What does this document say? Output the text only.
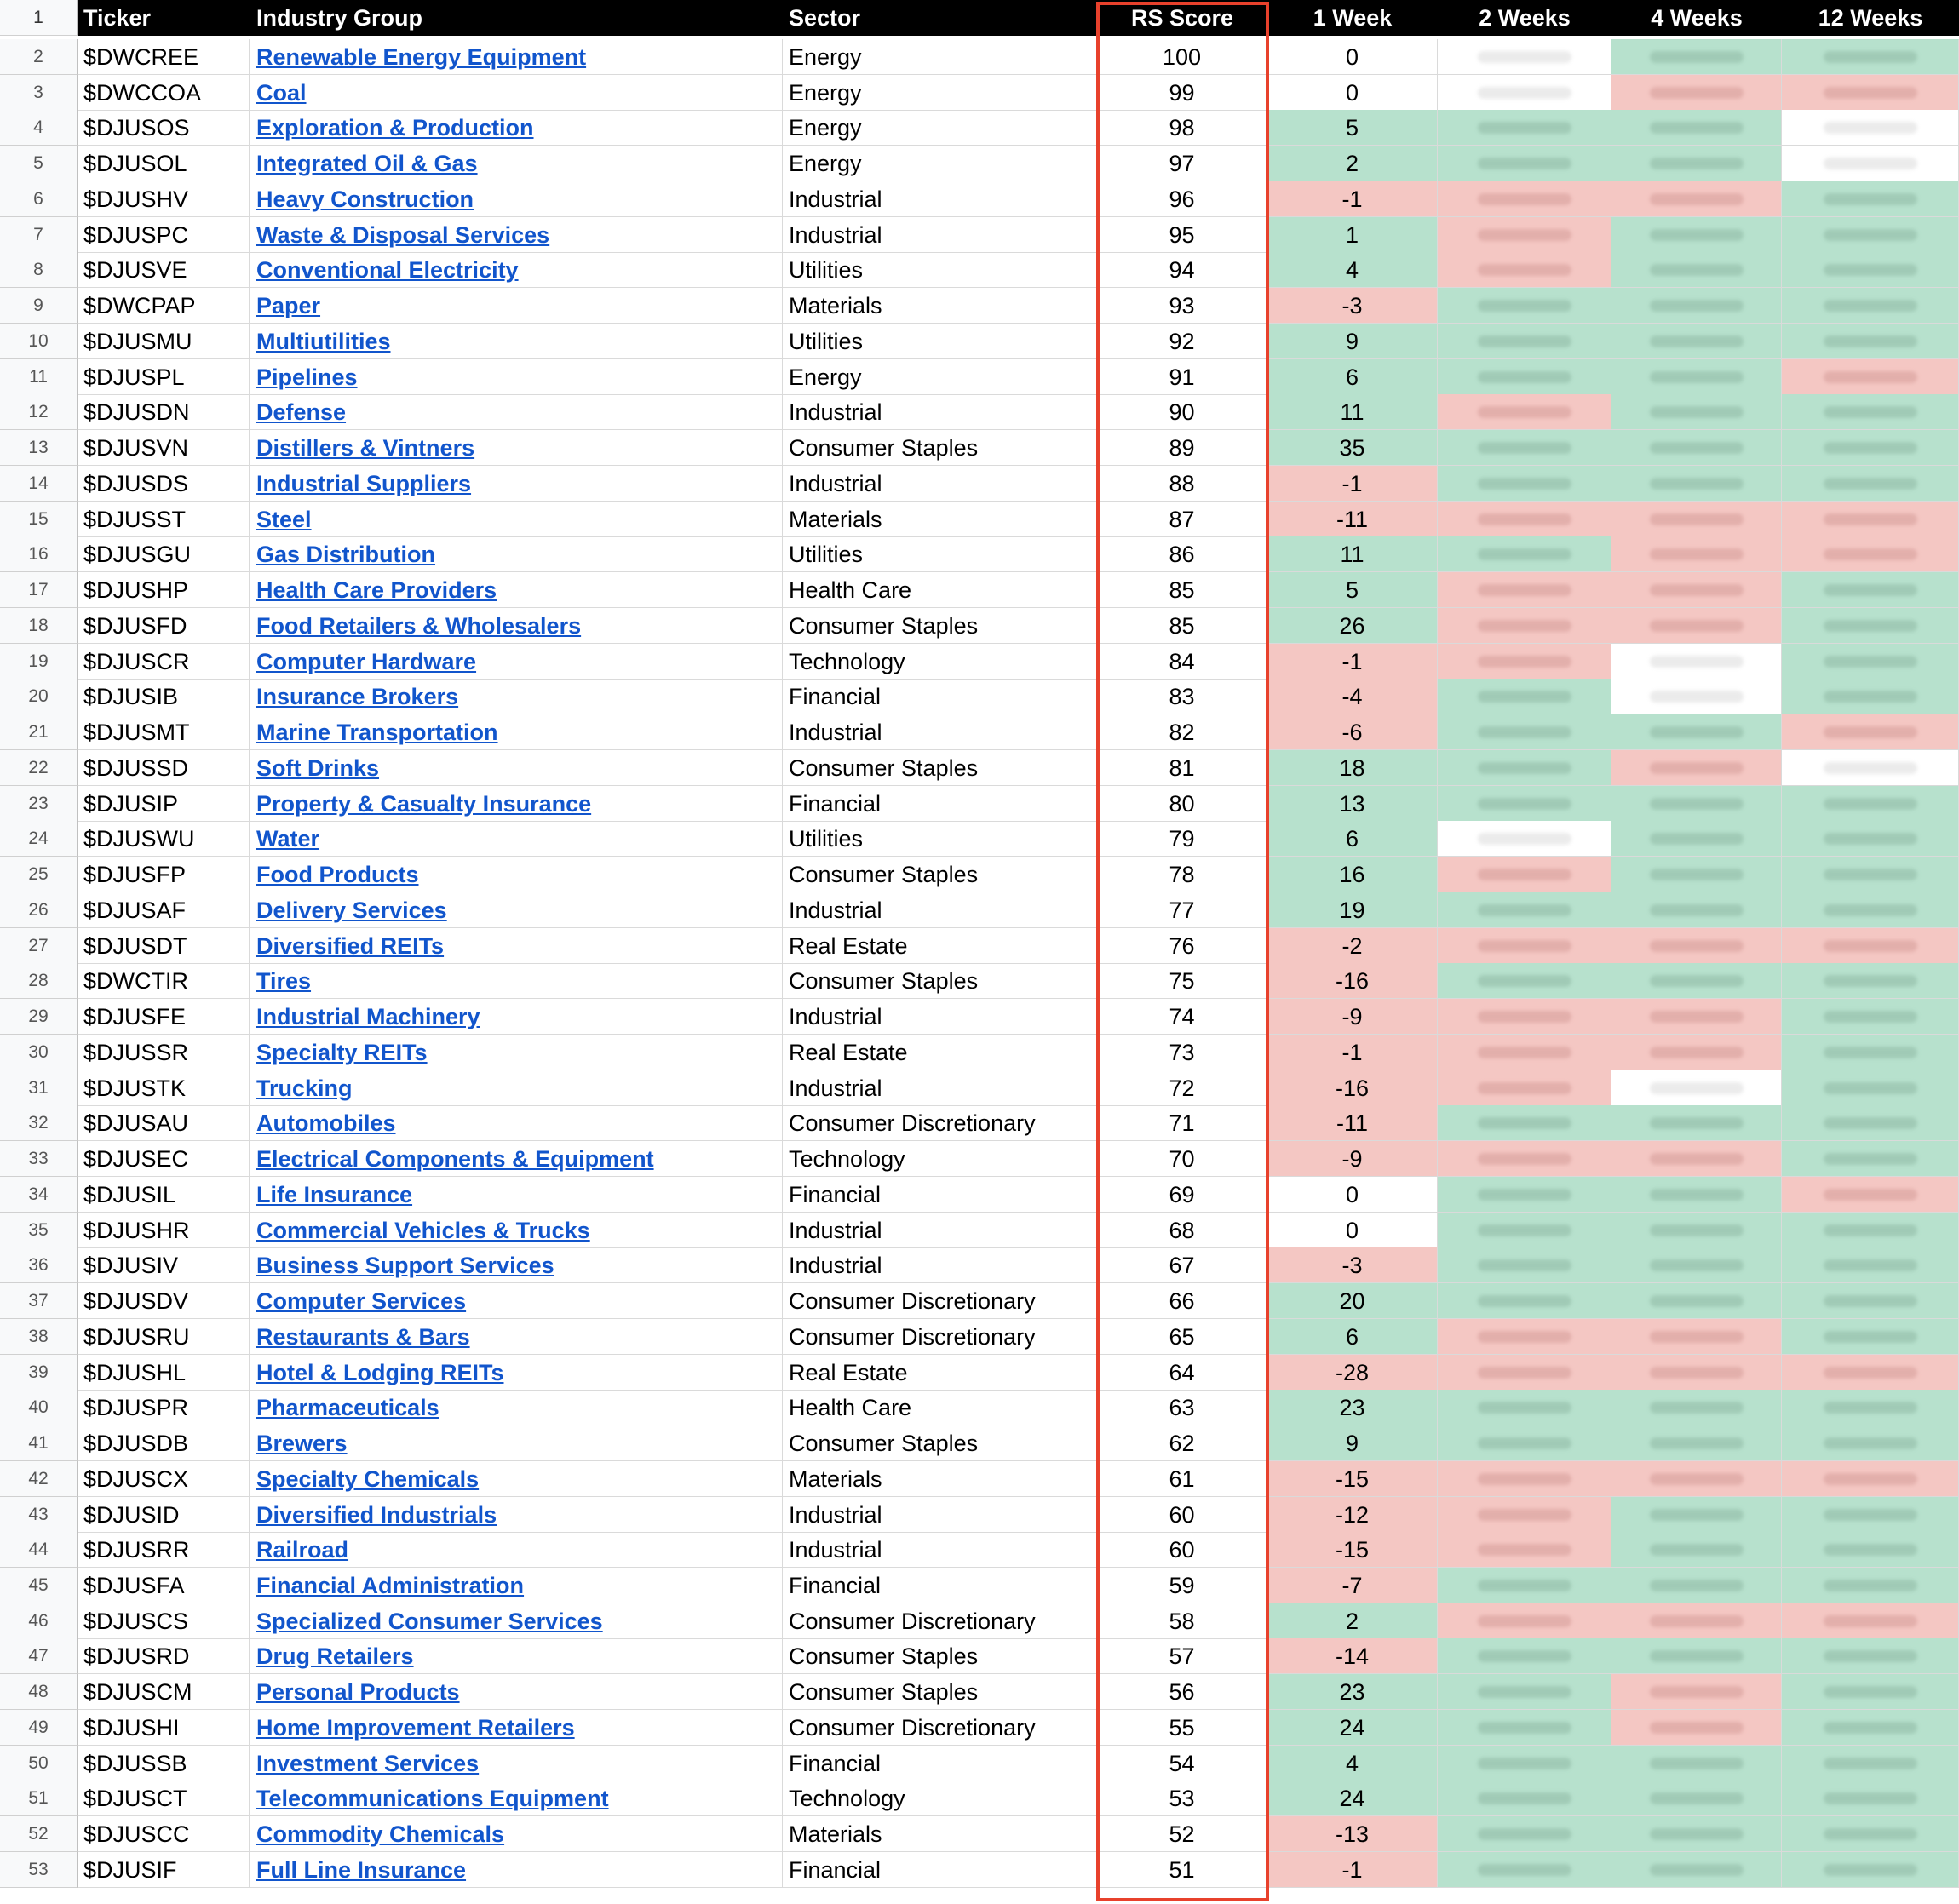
1	Ticker	Industry Group	Sector	RS Score	1 Week	2 Weeks	4 Weeks	12 Weeks
2	$DWCREE	Renewable Energy Equipment	Energy	100	0
3	$DWCCOA	Coal	Energy	99	0
4	$DJUSOS	Exploration & Production	Energy	98	5
5	$DJUSOL	Integrated Oil & Gas	Energy	97	2
6	$DJUSHV	Heavy Construction	Industrial	96	-1
7	$DJUSPC	Waste & Disposal Services	Industrial	95	1
8	$DJUSVE	Conventional Electricity	Utilities	94	4
9	$DWCPAP	Paper	Materials	93	-3
10	$DJUSMU	Multiutilities	Utilities	92	9
11	$DJUSPL	Pipelines	Energy	91	6
12	$DJUSDN	Defense	Industrial	90	11
13	$DJUSVN	Distillers & Vintners	Consumer Staples	89	35
14	$DJUSDS	Industrial Suppliers	Industrial	88	-1
15	$DJUSST	Steel	Materials	87	-11
16	$DJUSGU	Gas Distribution	Utilities	86	11
17	$DJUSHP	Health Care Providers	Health Care	85	5
18	$DJUSFD	Food Retailers & Wholesalers	Consumer Staples	85	26
19	$DJUSCR	Computer Hardware	Technology	84	-1
20	$DJUSIB	Insurance Brokers	Financial	83	-4
21	$DJUSMT	Marine Transportation	Industrial	82	-6
22	$DJUSSD	Soft Drinks	Consumer Staples	81	18
23	$DJUSIP	Property & Casualty Insurance	Financial	80	13
24	$DJUSWU	Water	Utilities	79	6
25	$DJUSFP	Food Products	Consumer Staples	78	16
26	$DJUSAF	Delivery Services	Industrial	77	19
27	$DJUSDT	Diversified REITs	Real Estate	76	-2
28	$DWCTIR	Tires	Consumer Staples	75	-16
29	$DJUSFE	Industrial Machinery	Industrial	74	-9
30	$DJUSSR	Specialty REITs	Real Estate	73	-1
31	$DJUSTK	Trucking	Industrial	72	-16
32	$DJUSAU	Automobiles	Consumer Discretionary	71	-11
33	$DJUSEC	Electrical Components & Equipment	Technology	70	-9
34	$DJUSIL	Life Insurance	Financial	69	0
35	$DJUSHR	Commercial Vehicles & Trucks	Industrial	68	0
36	$DJUSIV	Business Support Services	Industrial	67	-3
37	$DJUSDV	Computer Services	Consumer Discretionary	66	20
38	$DJUSRU	Restaurants & Bars	Consumer Discretionary	65	6
39	$DJUSHL	Hotel & Lodging REITs	Real Estate	64	-28
40	$DJUSPR	Pharmaceuticals	Health Care	63	23
41	$DJUSDB	Brewers	Consumer Staples	62	9
42	$DJUSCX	Specialty Chemicals	Materials	61	-15
43	$DJUSID	Diversified Industrials	Industrial	60	-12
44	$DJUSRR	Railroad	Industrial	60	-15
45	$DJUSFA	Financial Administration	Financial	59	-7
46	$DJUSCS	Specialized Consumer Services	Consumer Discretionary	58	2
47	$DJUSRD	Drug Retailers	Consumer Staples	57	-14
48	$DJUSCM	Personal Products	Consumer Staples	56	23
49	$DJUSHI	Home Improvement Retailers	Consumer Discretionary	55	24
50	$DJUSSB	Investment Services	Financial	54	4
51	$DJUSCT	Telecommunications Equipment	Technology	53	24
52	$DJUSCC	Commodity Chemicals	Materials	52	-13
53	$DJUSIF	Full Line Insurance	Financial	51	-1
